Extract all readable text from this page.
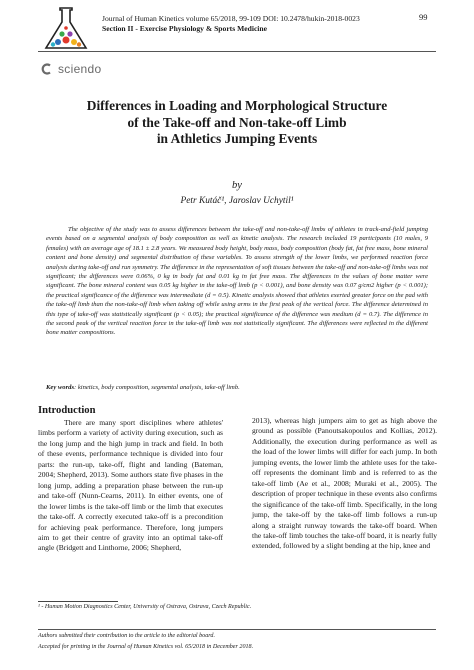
Journal of Human Kinetics volume 65/2018, 99-109 DOI: 10.2478/hukin-2018-0023
Section II - Exercise Physiology & Sports Medicine
99
sciendo
Differences in Loading and Morphological Structure
of the Take-off and Non-take-off Limb
in Athletics Jumping Events
by
Petr Kutáč¹, Jaroslav Uchytil¹
The objective of the study was to assess differences between the take-off and non-take-off limbs of athletes in track-and-field jumping events based on a segmental analysis of body composition as well as kinetic analysis. The research included 19 participants (10 males, 9 females) with an average age of 18.1 ± 2.8 years. We measured body height, body mass, body composition (body fat, fat free mass, bone mineral content and bone density) and segmental distribution of these variables. To assess strength of the lower limbs, we performed reaction force analysis during take-off and run symmetry. The difference in the representation of soft tissues between the take-off and non-take-off limbs was not significant; the differences were 0.06%, 0 kg in body fat and 0.01 kg in fat free mass. The differences in the values of bone matter were significant. The bone mineral content was 0.05 kg higher in the take-off limb (p < 0.001), and bone density was 0.07 g/cm2 higher (p < 0.001); the practical significance of the difference was intermediate (d = 0.5). Kinetic analysis showed that athletes exerted greater force on the pad with the take-off limb than the non-take-off limb when taking off while using arms in the first peak of the vertical force. The difference determined in this type of take-off was statistically significant (p < 0.05); the practical significance of the difference was medium (d = 0.7). The difference in the second peak of the vertical reaction force in the take-off limb was not statistically significant. The differences were reflected in the different bone matter compositions.
Key words: kinetics, body composition, segmental analysis, take-off limb.
Introduction

There are many sport disciplines where athletes' limbs perform a variety of activity during execution, such as the long jump and the high jump in track and field. In both of these events, performance technique is divided into four parts: the run-up, take-off, flight and landing (Bateman, 2004; Shepherd, 2013). Some authors state five phases in the long jump, adding a preparation phase between the run-up and take-off (Nunn-Cearns, 2011). In either events, one of the lower limbs is the take-off limb or the limb that executes the take-off. A correctly executed take-off is a precondition for achieving peak performance. Therefore, long jumpers aim to get their centre of gravity into an optimal take-off angle (Bridgett and Linthorne, 2006; Shepherd,

2013), whereas high jumpers aim to get as high above the ground as possible (Panoutsakopoulos and Kollias, 2012). Additionally, the execution during performance as well as the load of the lower limbs will differ for each jump. In both jumping events, the lower limb the athlete uses for the take-off represents the dominant limb and is referred to as the take-off limb (Ae et al., 2008; Muraki et al., 2005). The description of proper technique in these events also confirms the significance of the take-off limb. Specifically, in the long jump, the take-off by the take-off limb follows a run-up along a straight runway towards the take-off board. When the take-off limb touches the take-off board, it is nearly fully extended, followed by a slight bending at the hip, knee and

¹ - Human Motion Diagnostics Center, University of Ostrava, Ostrava, Czech Republic.
Authors submitted their contribution to the article to the editorial board.
Accepted for printing in the Journal of Human Kinetics vol. 65/2018 in December 2018.
